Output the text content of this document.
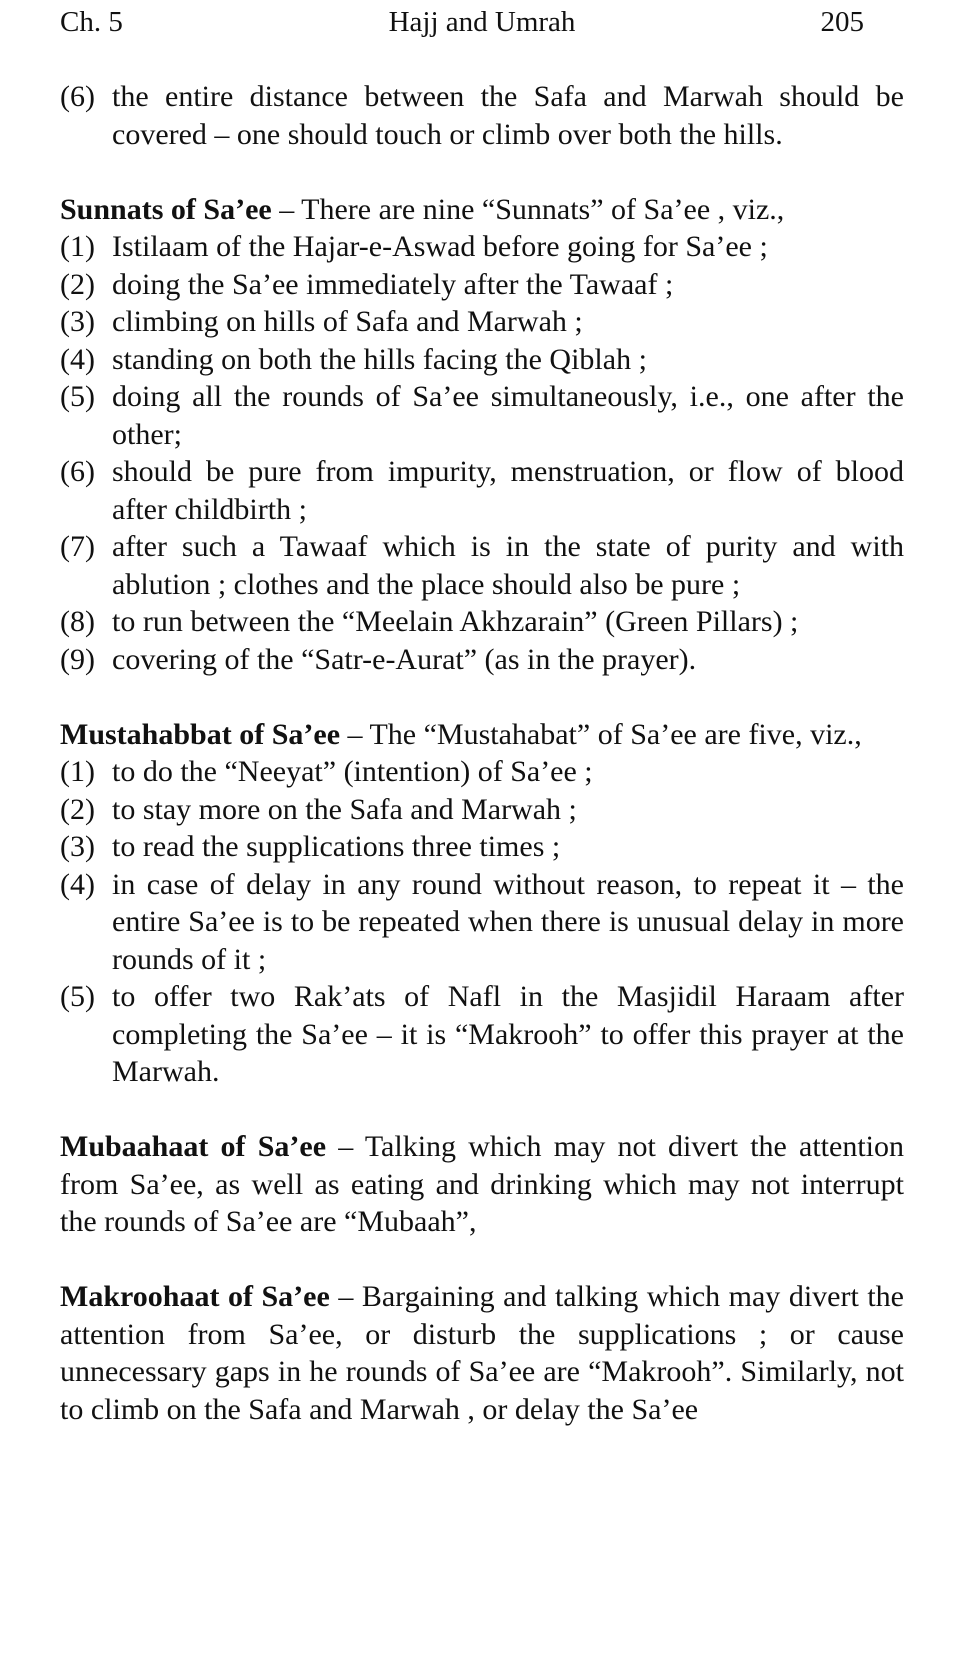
Ch. 5	Hajj and Umrah	205
(6) the entire distance between the Safa and Marwah should be covered – one should touch or climb over both the hills.
Sunnats of Sa’ee – There are nine “Sunnats” of Sa’ee , viz.,
(1) Istilaam of the Hajar-e-Aswad before going for Sa’ee ;
(2) doing the Sa’ee immediately after the Tawaaf ;
(3) climbing on hills of Safa and Marwah ;
(4) standing on both the hills facing the Qiblah ;
(5) doing all the rounds of Sa’ee simultaneously, i.e., one after the other;
(6) should be pure from impurity, menstruation, or flow of blood after childbirth ;
(7) after such a Tawaaf which is in the state of purity and with ablution ; clothes and the place should also be pure ;
(8) to run between the “Meelain Akhzarain” (Green Pillars) ;
(9) covering of the “Satr-e-Aurat” (as in the prayer).
Mustahabbat of Sa’ee – The “Mustahabat” of Sa’ee are five, viz.,
(1) to do the “Neeyat” (intention) of Sa’ee ;
(2) to stay more on the Safa and Marwah ;
(3) to read the supplications three times ;
(4) in case of delay in any round without reason, to repeat it – the entire Sa’ee is to be repeated when there is unusual delay in more rounds of it ;
(5) to offer two Rak’ats of Nafl in the Masjidil Haraam after completing the Sa’ee – it is “Makrooh” to offer this prayer at the Marwah.
Mubaahaat of Sa’ee – Talking which may not divert the attention from Sa’ee, as well as eating and drinking which may not interrupt the rounds of Sa’ee are “Mubaah”,
Makroohaat of Sa’ee – Bargaining and talking which may divert the attention from Sa’ee, or disturb the supplications ; or cause unnecessary gaps in he rounds of Sa’ee are “Makrooh”. Similarly, not to climb on the Safa and Marwah , or delay the Sa’ee
